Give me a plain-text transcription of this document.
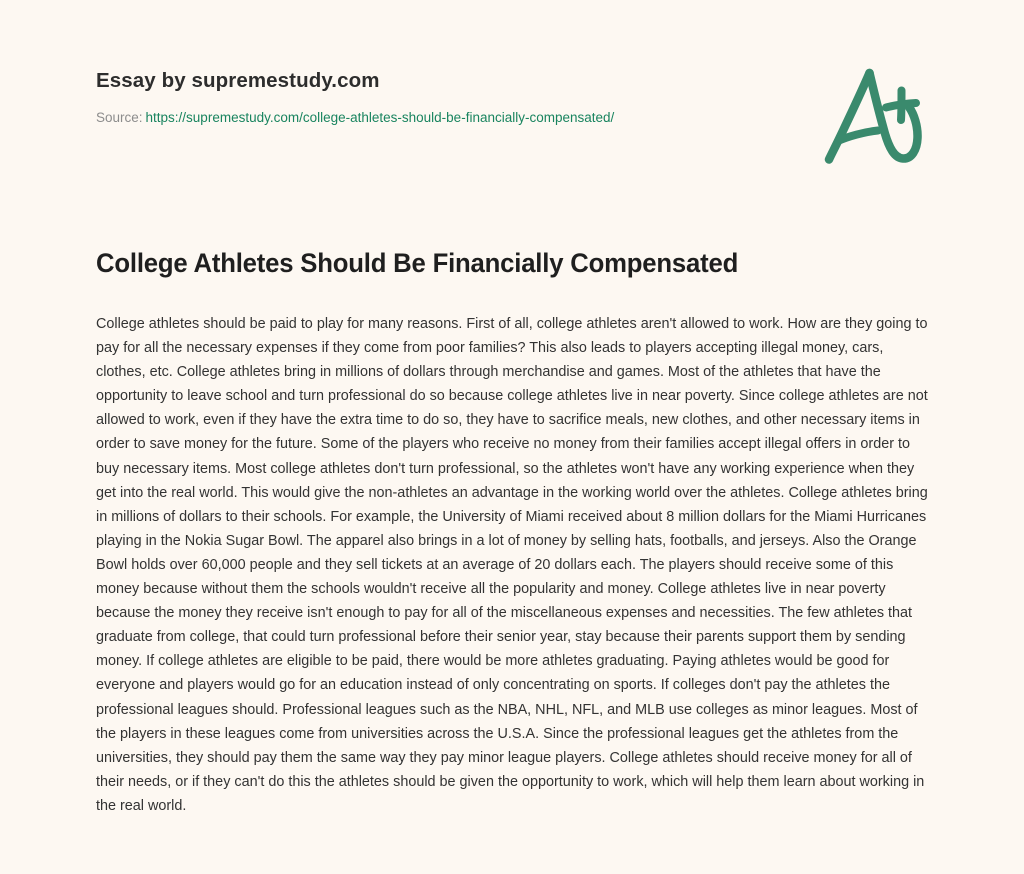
Essay by supremestudy.com
Source: https://supremestudy.com/college-athletes-should-be-financially-compensated/
College Athletes Should Be Financially Compensated

College athletes should be paid to play for many reasons. First of all, college athletes aren't allowed to work. How are they going to pay for all the necessary expenses if they come from poor families? This also leads to players accepting illegal money, cars, clothes, etc. College athletes bring in millions of dollars through merchandise and games. Most of the athletes that have the opportunity to leave school and turn professional do so because college athletes live in near poverty. Since college athletes are not allowed to work, even if they have the extra time to do so, they have to sacrifice meals, new clothes, and other necessary items in order to save money for the future. Some of the players who receive no money from their families accept illegal offers in order to buy necessary items. Most college athletes don't turn professional, so the athletes won't have any working experience when they get into the real world. This would give the non-athletes an advantage in the working world over the athletes. College athletes bring in millions of dollars to their schools. For example, the University of Miami received about 8 million dollars for the Miami Hurricanes playing in the Nokia Sugar Bowl. The apparel also brings in a lot of money by selling hats, footballs, and jerseys. Also the Orange Bowl holds over 60,000 people and they sell tickets at an average of 20 dollars each. The players should receive some of this money because without them the schools wouldn't receive all the popularity and money. College athletes live in near poverty because the money they receive isn't enough to pay for all of the miscellaneous expenses and necessities. The few athletes that graduate from college, that could turn professional before their senior year, stay because their parents support them by sending money. If college athletes are eligible to be paid, there would be more athletes graduating. Paying athletes would be good for everyone and players would go for an education instead of only concentrating on sports. If colleges don't pay the athletes the professional leagues should. Professional leagues such as the NBA, NHL, NFL, and MLB use colleges as minor leagues. Most of the players in these leagues come from universities across the U.S.A. Since the professional leagues get the athletes from the universities, they should pay them the same way they pay minor league players. College athletes should receive money for all of their needs, or if they can't do this the athletes should be given the opportunity to work, which will help them learn about working in the real world.
